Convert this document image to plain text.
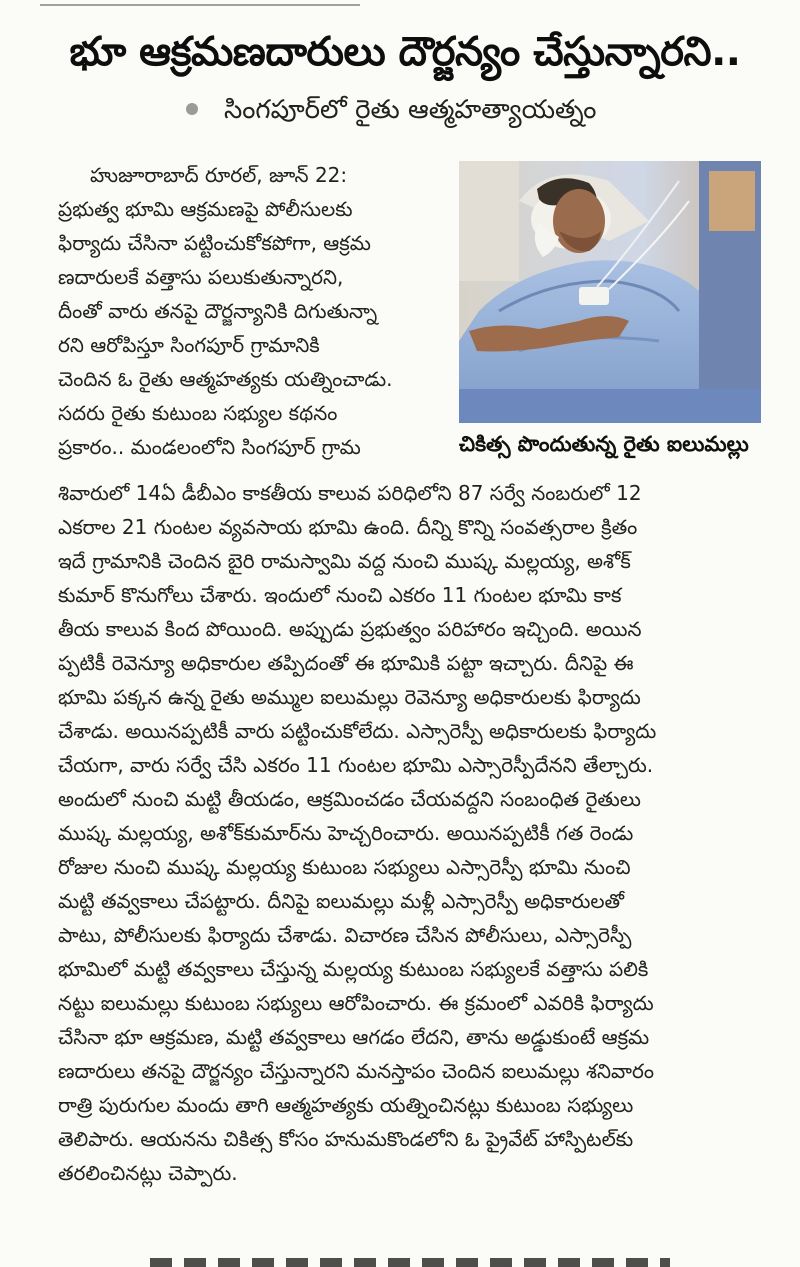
భూ ఆక్రమణదారులు దౌర్జన్యం చేస్తున్నారని..
సింగపూర్‌లో రైతు ఆత్మహత్యాయత్నం
చికిత్స పొందుతున్న రైతు ఐలుమల్లు
హుజూరాబాద్ రూరల్, జూన్ 22:
ప్రభుత్వ భూమి ఆక్రమణపై పోలీసులకు
ఫిర్యాదు చేసినా పట్టించుకోకపోగా, ఆక్రమ
ణదారులకే వత్తాసు పలుకుతున్నారని,
దీంతో వారు తనపై దౌర్జన్యానికి దిగుతున్నా
రని ఆరోపిస్తూ సింగపూర్ గ్రామానికి
చెందిన ఓ రైతు ఆత్మహత్యకు యత్నించాడు.
సదరు రైతు కుటుంబ సభ్యుల కథనం
ప్రకారం.. మండలంలోని సింగపూర్ గ్రామ
శివారులో 14ఏ డీబీఎం కాకతీయ కాలువ పరిధిలోని 87 సర్వే నంబరులో 12
ఎకరాల 21 గుంటల వ్యవసాయ భూమి ఉంది. దీన్ని కొన్ని సంవత్సరాల క్రితం
ఇదే గ్రామానికి చెందిన బైరి రామస్వామి వద్ద నుంచి ముష్క మల్లయ్య, అశోక్
కుమార్ కొనుగోలు చేశారు. ఇందులో నుంచి ఎకరం 11 గుంటల భూమి కాక
తీయ కాలువ కింద పోయింది. అప్పుడు ప్రభుత్వం పరిహారం ఇచ్చింది. అయిన
ప్పటికీ రెవెన్యూ అధికారుల తప్పిదంతో ఈ భూమికి పట్టా ఇచ్చారు. దీనిపై ఈ
భూమి పక్కన ఉన్న రైతు అమ్ముల ఐలుమల్లు రెవెన్యూ అధికారులకు ఫిర్యాదు
చేశాడు. అయినప్పటికీ వారు పట్టించుకోలేదు. ఎస్సారెస్పీ అధికారులకు ఫిర్యాదు
చేయగా, వారు సర్వే చేసి ఎకరం 11 గుంటల భూమి ఎస్సారెస్పీదేనని తేల్చారు.
అందులో నుంచి మట్టి తీయడం, ఆక్రమించడం చేయవద్దని సంబంధిత రైతులు
ముష్క మల్లయ్య, అశోక్‌కుమార్‌ను హెచ్చరించారు. అయినప్పటికీ గత రెండు
రోజుల నుంచి ముష్క మల్లయ్య కుటుంబ సభ్యులు ఎస్సారెస్పీ భూమి నుంచి
మట్టి తవ్వకాలు చేపట్టారు. దీనిపై ఐలుమల్లు మళ్లీ ఎస్సారెస్పీ అధికారులతో
పాటు, పోలీసులకు ఫిర్యాదు చేశాడు. విచారణ చేసిన పోలీసులు, ఎస్సారెస్పీ
భూమిలో మట్టి తవ్వకాలు చేస్తున్న మల్లయ్య కుటుంబ సభ్యులకే వత్తాసు పలికి
నట్టు ఐలుమల్లు కుటుంబ సభ్యులు ఆరోపించారు. ఈ క్రమంలో ఎవరికి ఫిర్యాదు
చేసినా భూ ఆక్రమణ, మట్టి తవ్వకాలు ఆగడం లేదని, తాను అడ్డుకుంటే ఆక్రమ
ణదారులు తనపై దౌర్జన్యం చేస్తున్నారని మనస్తాపం చెందిన ఐలుమల్లు శనివారం
రాత్రి పురుగుల మందు తాగి ఆత్మహత్యకు యత్నించినట్లు కుటుంబ సభ్యులు
తెలిపారు. ఆయనను చికిత్స కోసం హనుమకొండలోని ఓ ప్రైవేట్ హాస్పిటల్‌కు
తరలించినట్లు చెప్పారు.
